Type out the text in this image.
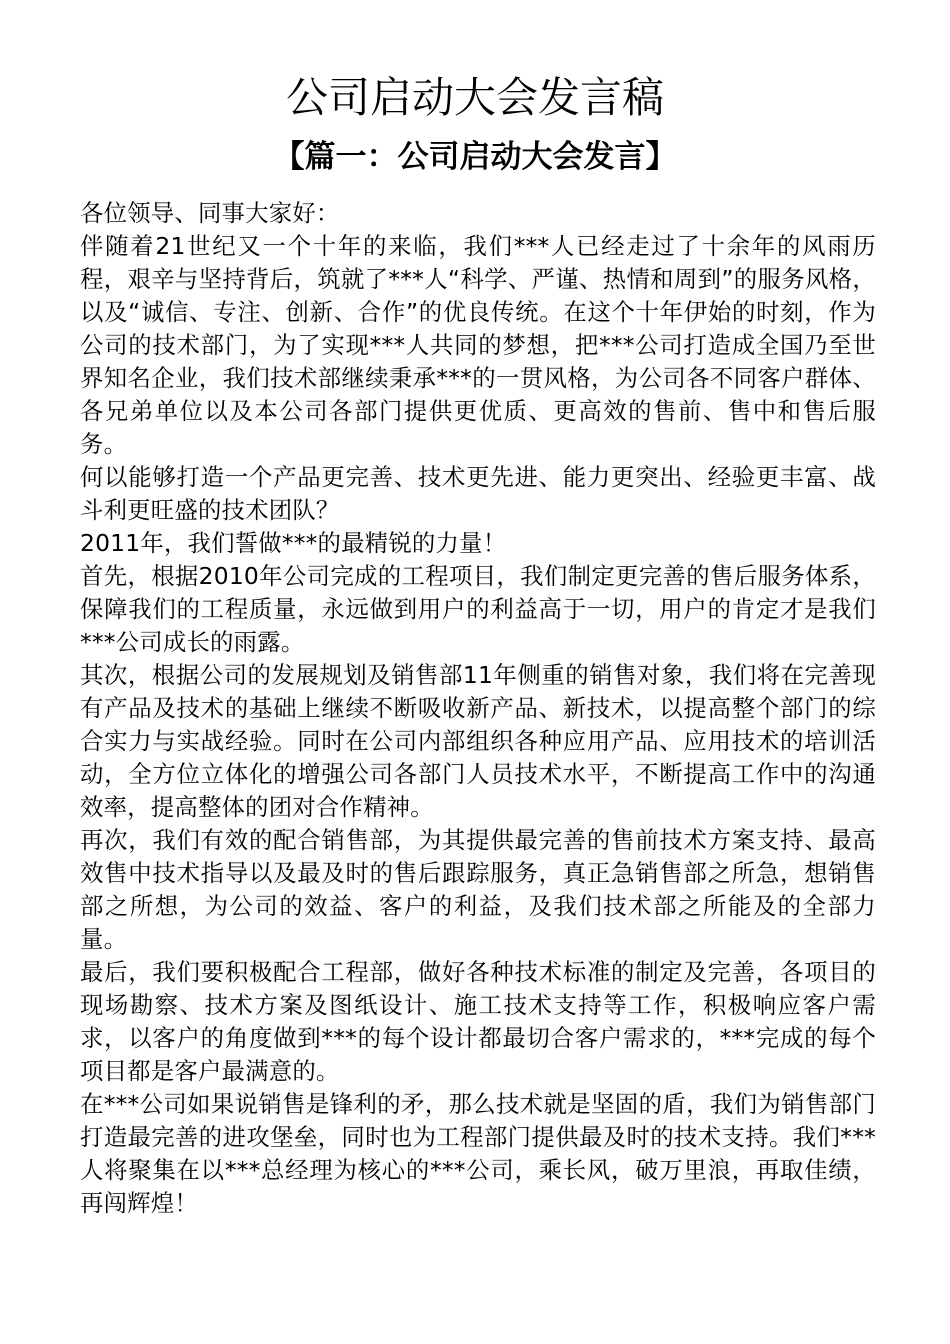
公司启动大会发言稿
【篇一：公司启动大会发言】

各位领导、同事大家好：

伴随着21世纪又一个十年的来临，我们***人已经走过了十余年的风雨历程，艰辛与坚持背后，筑就了***人“科学、严谨、热情和周到”的服务风格，以及“诚信、专注、创新、合作”的优良传统。在这个十年伊始的时刻，作为公司的技术部门，为了实现***人共同的梦想，把***公司打造成全国乃至世界知名企业，我们技术部继续秉承***的一贯风格，为公司各不同客户群体、各兄弟单位以及本公司各部门提供更优质、更高效的售前、售中和售后服务。

何以能够打造一个产品更完善、技术更先进、能力更突出、经验更丰富、战斗利更旺盛的技术团队？

2011年，我们誓做***的最精锐的力量！

首先，根据2010年公司完成的工程项目，我们制定更完善的售后服务体系，保障我们的工程质量，永远做到用户的利益高于一切，用户的肯定才是我们***公司成长的雨露。

其次，根据公司的发展规划及销售部11年侧重的销售对象，我们将在完善现有产品及技术的基础上继续不断吸收新产品、新技术，以提高整个部门的综合实力与实战经验。同时在公司内部组织各种应用产品、应用技术的培训活动，全方位立体化的增强公司各部门人员技术水平，不断提高工作中的沟通效率，提高整体的团对合作精神。

再次，我们有效的配合销售部，为其提供最完善的售前技术方案支持、最高效售中技术指导以及最及时的售后跟踪服务，真正急销售部之所急，想销售部之所想，为公司的效益、客户的利益，及我们技术部之所能及的全部力量。

最后，我们要积极配合工程部，做好各种技术标准的制定及完善，各项目的现场勘察、技术方案及图纸设计、施工技术支持等工作，积极响应客户需求，以客户的角度做到***的每个设计都最切合客户需求的，***完成的每个项目都是客户最满意的。

在***公司如果说销售是锋利的矛，那么技术就是坚固的盾，我们为销售部门打造最完善的进攻堡垒，同时也为工程部门提供最及时的技术支持。我们***人将聚集在以***总经理为核心的***公司，乘长风，破万里浪，再取佳绩，再闯辉煌！
